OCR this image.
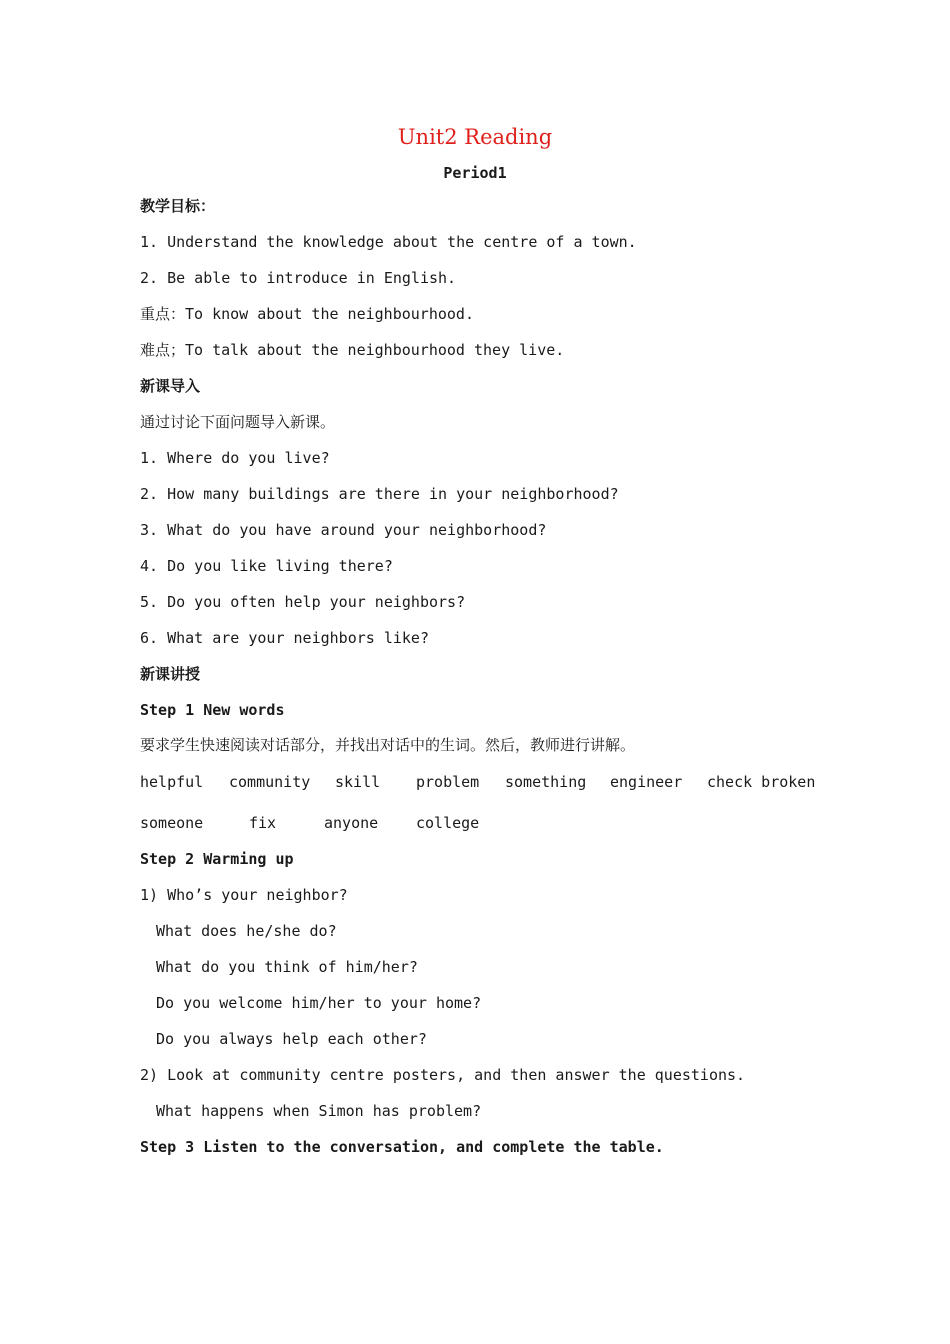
Unit2 Reading
Period1
教学目标：
1. Understand the knowledge about the centre of a town.
2. Be able to introduce in English.
重点：To know about the neighbourhood.
难点；To talk about the neighbourhood they live.
新课导入
通过讨论下面问题导入新课。
1. Where do you live?
2. How many buildings are there in your neighborhood?
3. What do you have around your neighborhood?
4. Do you like living there?
5. Do you often help your neighbors?
6. What are your neighbors like?
新课讲授
Step 1 New words
要求学生快速阅读对话部分，并找出对话中的生词。然后，教师进行讲解。
helpful community skill problem something engineer check broken
someone	fix	anyone	college
Step 2 Warming up
1) Who’s your neighbor?
What does he/she do?
What do you think of him/her?
Do you welcome him/her to your home?
Do you always help each other?
2) Look at community centre posters, and then answer the questions.
What happens when Simon has problem?
Step 3 Listen to the conversation, and complete the table.
